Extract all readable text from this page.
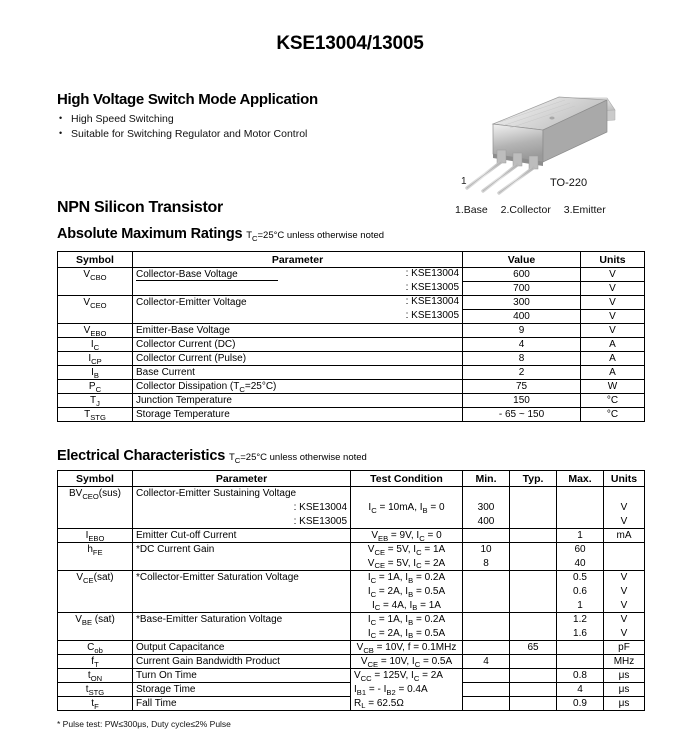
KSE13004/13005
High Voltage Switch Mode Application
• High Speed Switching
• Suitable for Switching Regulator and Motor Control
1	TO-220
1.Base 2.Collector 3.Emitter
NPN Silicon Transistor
Absolute Maximum Ratings $T_C=25^\circ C$ unless otherwise noted
Symbol	Parameter	Value	Units
$V_{CBO}$	Collector-Base Voltage : KSE13004	600	V

	: KSE13005	700	V
$V_{CEO}$	Collector-Emitter Voltage : KSE13004	300	V

	: KSE13005	400	V
$V_{EBO}$	Emitter-Base Voltage	9	V
$I_C$	Collector Current (DC)	4	A
$I_{CP}$	Collector Current (Pulse)	8	A
$I_B$	Base Current	2	A
$P_C$	Collector Dissipation $(T_C=25^\circ C)$	75	W
$T_J$	Junction Temperature	150	°C
$T_{STG}$	Storage Temperature	- 65 ~ 150	°C
Electrical Characteristics $T_C=25^\circ C$ unless otherwise noted
Symbol	Parameter	Test Condition	Min.	Typ.	Max.	Units
$BV_{CEO}(sus)$	Collector-Emitter Sustaining Voltage					
	: KSE13004	$I_C = 10mA$, $I_B = 0$	300			V
	: KSE13005		400			V
$I_{EBO}$	Emitter Cut-off Current	$V_{EB} = 9V$, $I_C = 0$			1	mA
$h_{FE}$	*DC Current Gain	$V_{CE} = 5V$, $I_C = 1A$	10		60	
		$V_{CE} = 5V$, $I_C = 2A$	8		40	
$V_{CE}(sat)$	*Collector-Emitter Saturation Voltage	$I_C = 1A$, $I_B = 0.2A$			0.5	V
		$I_C = 2A$, $I_B = 0.5A$			0.6	V
		$I_C = 4A$, $I_B = 1A$			1	V
$V_{BE}$ (sat)	*Base-Emitter Saturation Voltage	$I_C = 1A$, $I_B = 0.2A$			1.2	V
		$I_C = 2A$, $I_B = 0.5A$			1.6	V
$C_{ob}$	Output Capacitance	$V_{CB} = 10V$, f = 0.1MHz		65		pF
$f_T$	Current Gain Bandwidth Product	$V_{CE} = 10V$, $I_C = 0.5A$	4			MHz
$t_{ON}$	Turn On Time	$V_{CC} = 125V$, $I_C = 2A$			0.8	μs
$t_{STG}$	Storage Time	$I_{B1}$ = - $I_{B2} = 0.4A$			4	μs
$t_F$	Fall Time	$R_L = 62.5\Omega$			0.9	μs
* Pulse test: PW≤300μs, Duty cycle≤2% Pulse
